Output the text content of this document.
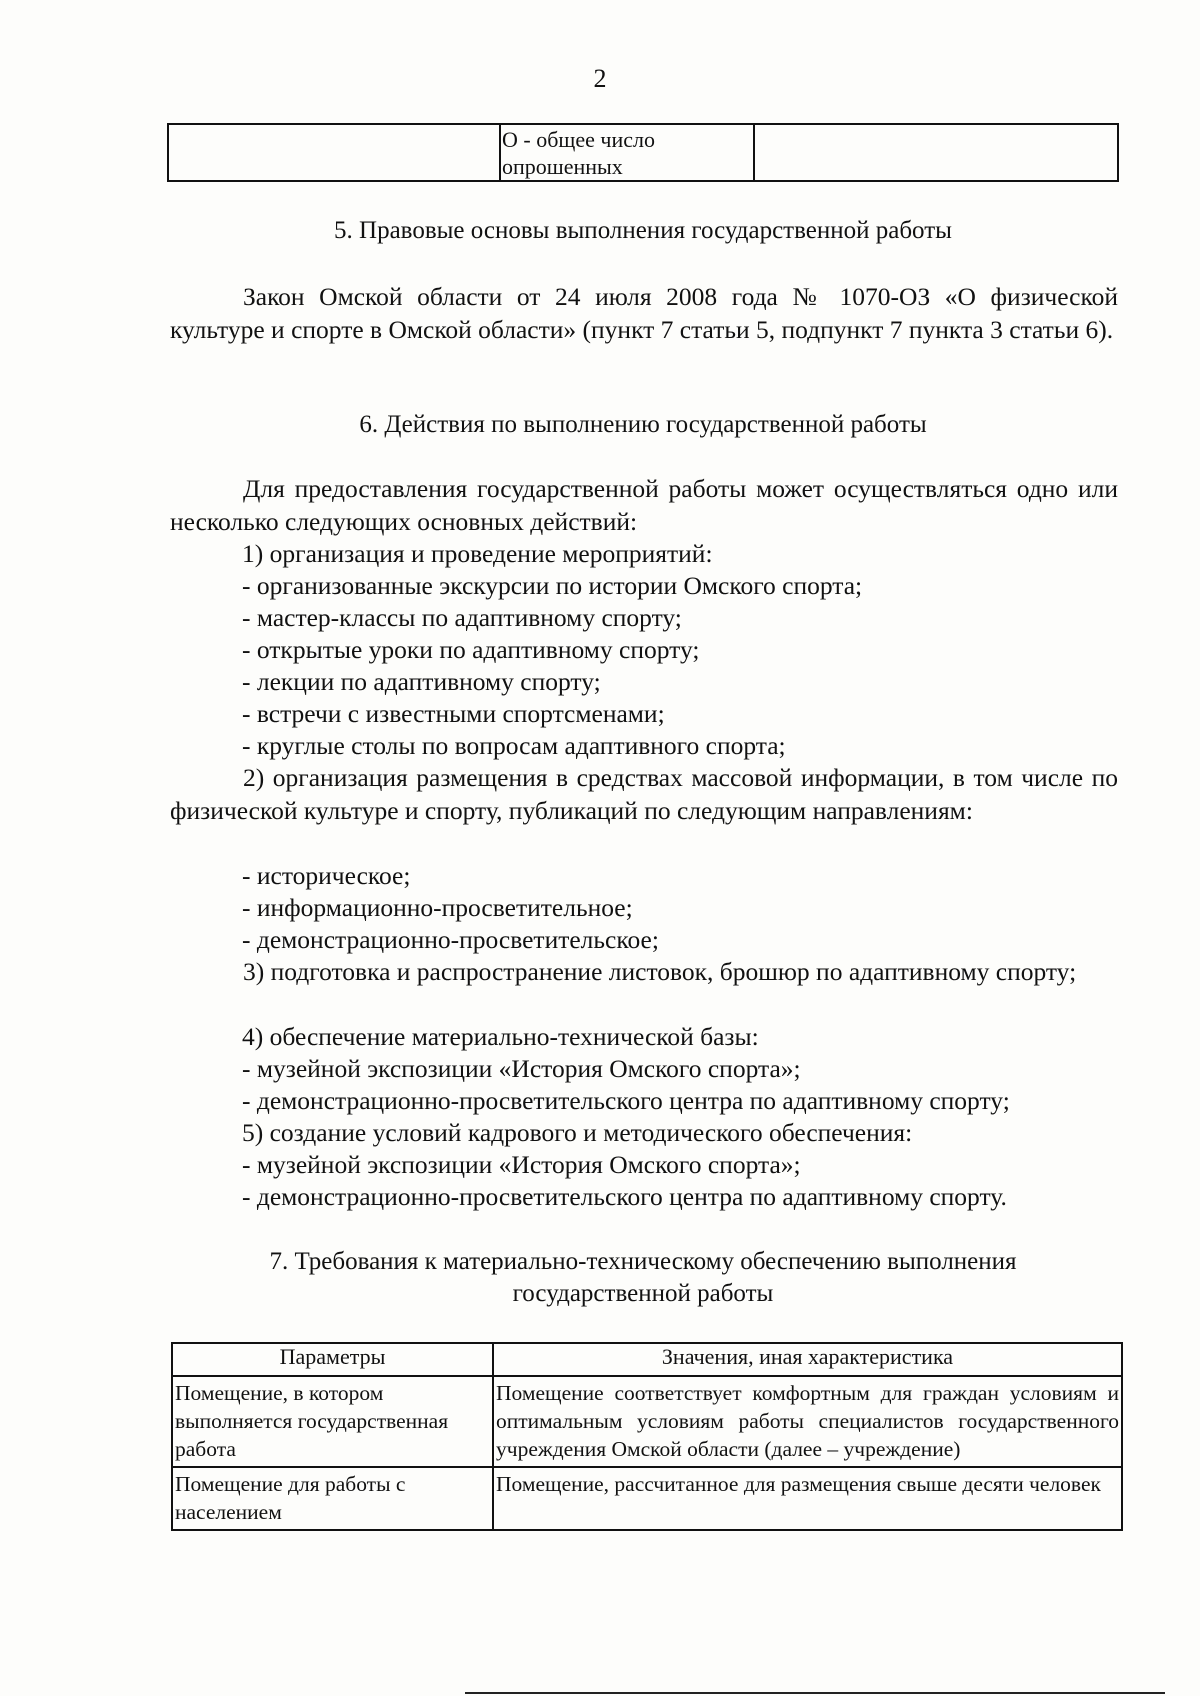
2
	О - общее число опрошенных	
5. Правовые основы выполнения государственной работы
Закон Омской области от 24 июля 2008 года № 1070-ОЗ «О физической культуре и спорте в Омской области» (пункт 7 статьи 5, подпункт 7 пункта 3 статьи 6).
6. Действия по выполнению государственной работы
Для предоставления государственной работы может осуществляться одно или несколько следующих основных действий:
1) организация и проведение мероприятий:
- организованные экскурсии по истории Омского спорта;
- мастер-классы по адаптивному спорту;
- открытые уроки по адаптивному спорту;
- лекции по адаптивному спорту;
- встречи с известными спортсменами;
- круглые столы по вопросам адаптивного спорта;
2) организация размещения в средствах массовой информации, в том числе по физической культуре и спорту, публикаций по следующим направлениям:
- историческое;
- информационно-просветительное;
- демонстрационно-просветительское;
3) подготовка и распространение листовок, брошюр по адаптивному спорту;
4) обеспечение материально-технической базы:
- музейной экспозиции «История Омского спорта»;
- демонстрационно-просветительского центра по адаптивному спорту;
5) создание условий кадрового и методического обеспечения:
- музейной экспозиции «История Омского спорта»;
- демонстрационно-просветительского центра по адаптивному спорту.
7. Требования к материально-техническому обеспечению выполнения
государственной работы
Параметры	Значения, иная характеристика
Помещение, в котором выполняется государственная работа	Помещение соответствует комфортным для граждан условиям и оптимальным условиям работы специалистов государственного учреждения Омской области (далее – учреждение)
Помещение для работы с населением	Помещение, рассчитанное для размещения свыше десяти человек
